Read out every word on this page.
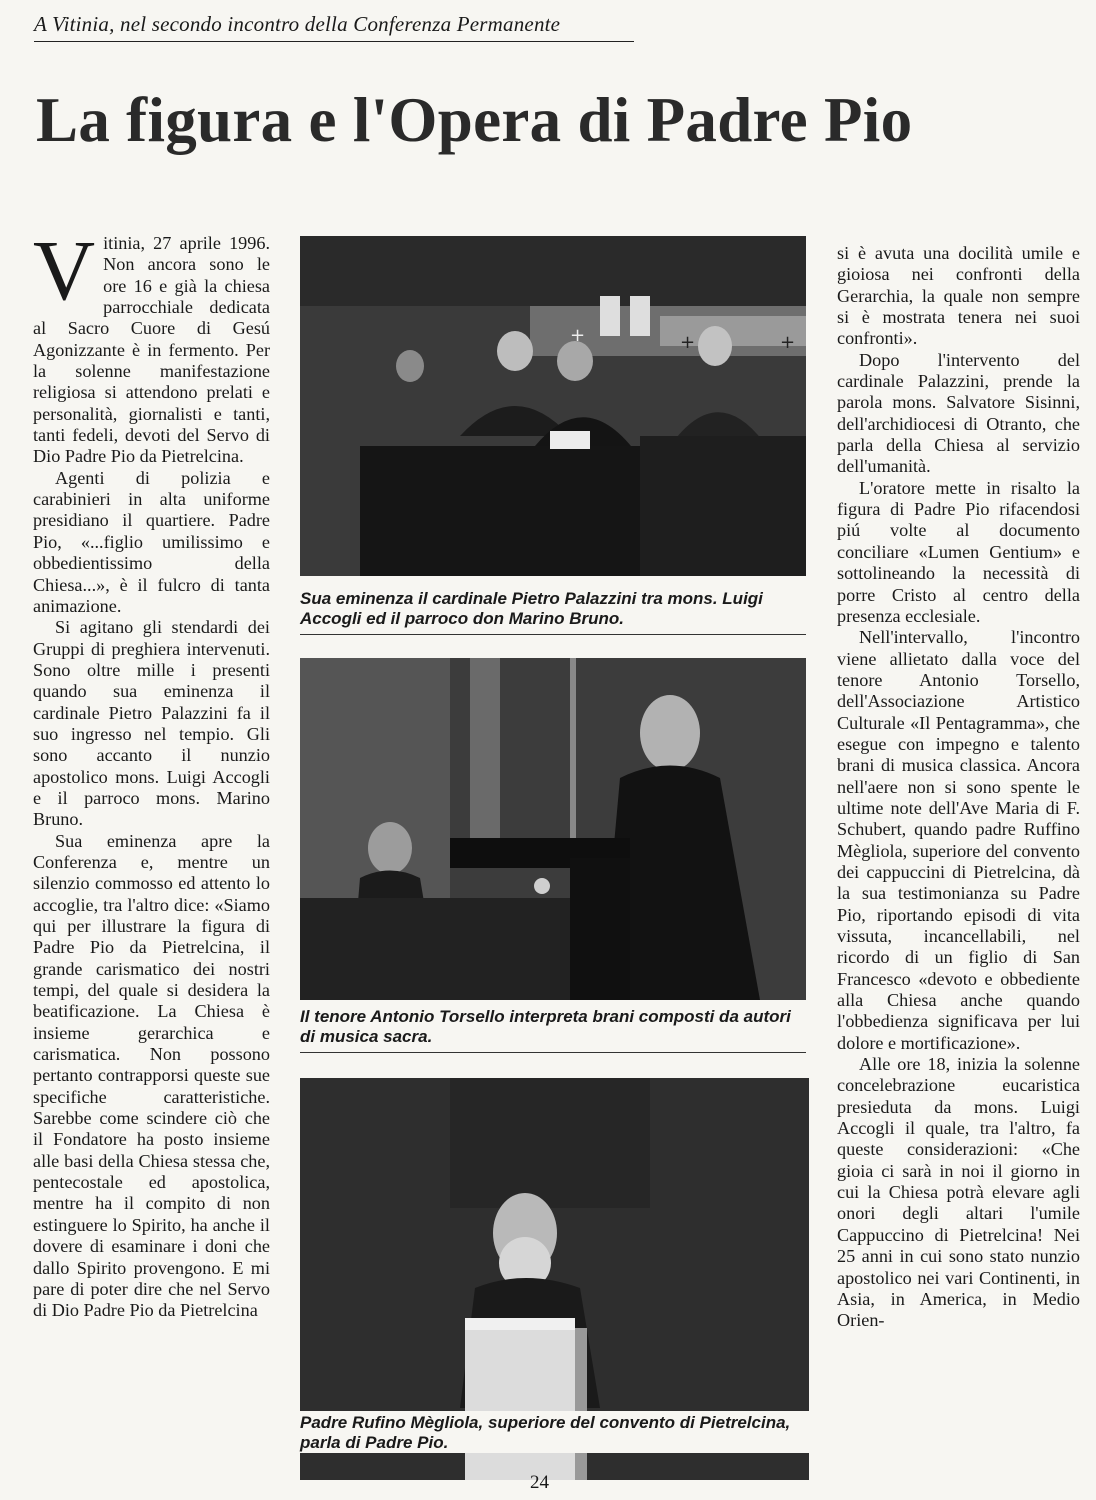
A Vitinia, nel secondo incontro della Conferenza Permanente
La figura e l'Opera di Padre Pio

Vitinia, 27 aprile 1996. Non ancora sono le ore 16 e già la chiesa parrocchiale dedicata al Sacro Cuore di Gesú Agonizzante è in fermento. Per la solenne manifestazione religiosa si attendono prelati e personalità, giornalisti e tanti, tanti fedeli, devoti del Servo di Dio Padre Pio da Pietrelcina.

Agenti di polizia e carabinieri in alta uniforme presidiano il quartiere. Padre Pio, «...figlio umilissimo e obbedientissimo della Chiesa...», è il fulcro di tanta animazione.

Si agitano gli stendardi dei Gruppi di preghiera intervenuti. Sono oltre mille i presenti quando sua eminenza il cardinale Pietro Palazzini fa il suo ingresso nel tempio. Gli sono accanto il nunzio apostolico mons. Luigi Accogli e il parroco mons. Marino Bruno.

Sua eminenza apre la Conferenza e, mentre un silenzio commosso ed attento lo accoglie, tra l'altro dice: «Siamo qui per illustrare la figura di Padre Pio da Pietrelcina, il grande carismatico dei nostri tempi, del quale si desidera la beatificazione. La Chiesa è insieme gerarchica e carismatica. Non possono pertanto contrapporsi queste sue specifiche caratteristiche. Sarebbe come scindere ciò che il Fondatore ha posto insieme alle basi della Chiesa stessa che, pentecostale ed apostolica, mentre ha il compito di non estinguere lo Spirito, ha anche il dovere di esaminare i doni che dallo Spirito provengono. E mi pare di poter dire che nel Servo di Dio Padre Pio da Pietrelcina

+	+	+
Sua eminenza il cardinale Pietro Palazzini tra mons. Luigi Accogli ed il parroco don Marino Bruno.
Il tenore Antonio Torsello interpreta brani composti da autori di musica sacra.
Padre Rufino Mègliola, superiore del convento di Pietrelcina, parla di Padre Pio.

si è avuta una docilità umile e gioiosa nei confronti della Gerarchia, la quale non sempre si è mostrata tenera nei suoi confronti».

Dopo l'intervento del cardinale Palazzini, prende la parola mons. Salvatore Sisinni, dell'archidiocesi di Otranto, che parla della Chiesa al servizio dell'umanità.

L'oratore mette in risalto la figura di Padre Pio rifacendosi piú volte al documento conciliare «Lumen Gentium» e sottolineando la necessità di porre Cristo al centro della presenza ecclesiale.

Nell'intervallo, l'incontro viene allietato dalla voce del tenore Antonio Torsello, dell'Associazione Artistico Culturale «Il Pentagramma», che esegue con impegno e talento brani di musica classica. Ancora nell'aere non si sono spente le ultime note dell'Ave Maria di F. Schubert, quando padre Ruffino Mègliola, superiore del convento dei cappuccini di Pietrelcina, dà la sua testimonianza su Padre Pio, riportando episodi di vita vissuta, incancellabili, nel ricordo di un figlio di San Francesco «devoto e obbediente alla Chiesa anche quando l'obbedienza significava per lui dolore e mortificazione».

Alle ore 18, inizia la solenne concelebrazione eucaristica presieduta da mons. Luigi Accogli il quale, tra l'altro, fa queste considerazioni: «Che gioia ci sarà in noi il giorno in cui la Chiesa potrà elevare agli onori degli altari l'umile Cappuccino di Pietrelcina! Nei 25 anni in cui sono stato nunzio apostolico nei vari Continenti, in Asia, in America, in Medio Orien-

24
